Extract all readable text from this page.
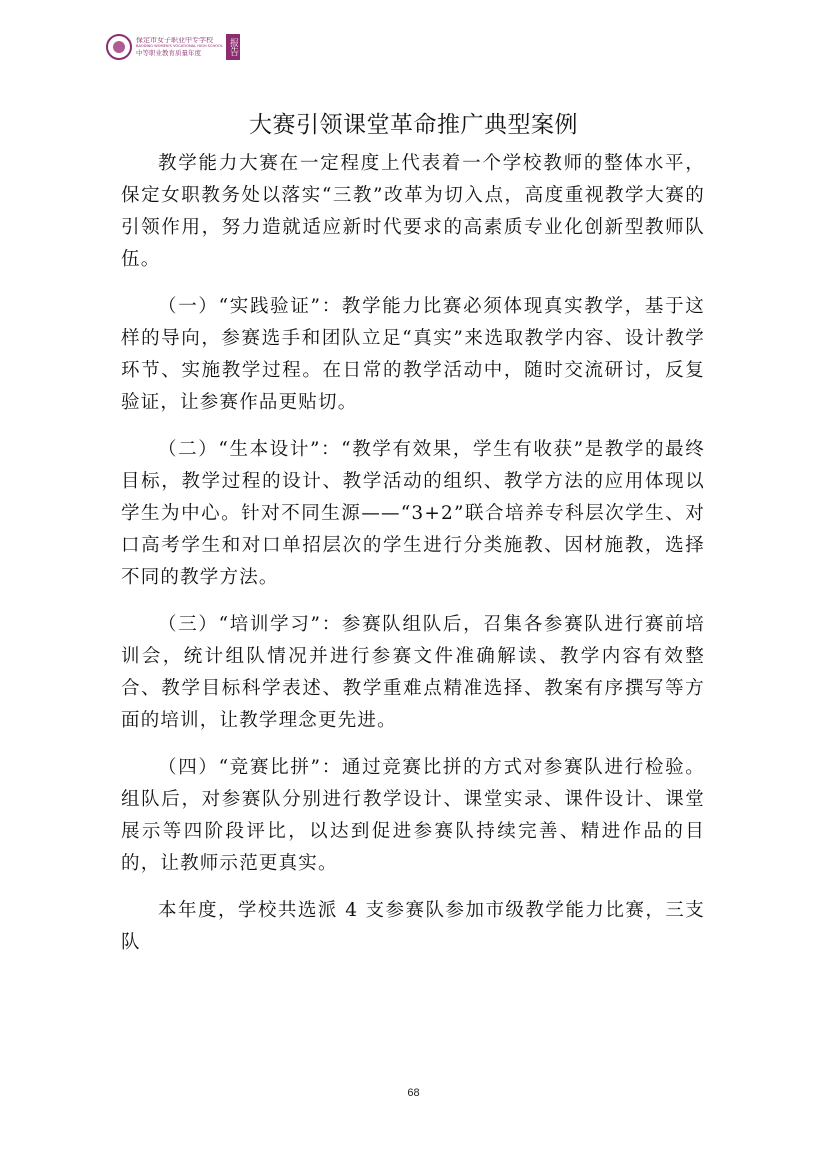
保定市女子职业中专学校
BAODING WOMEN'S VOCATIONAL HIGH SCHOOL
中等职业教育质量年度	报告
大赛引领课堂革命推广典型案例

教学能力大赛在一定程度上代表着一个学校教师的整体水平，保定女职教务处以落实“三教”改革为切入点，高度重视教学大赛的引领作用，努力造就适应新时代要求的高素质专业化创新型教师队伍。

（一）“实践验证”：教学能力比赛必须体现真实教学，基于这样的导向，参赛选手和团队立足“真实”来选取教学内容、设计教学环节、实施教学过程。在日常的教学活动中，随时交流研讨，反复验证，让参赛作品更贴切。

（二）“生本设计”：“教学有效果，学生有收获”是教学的最终目标，教学过程的设计、教学活动的组织、教学方法的应用体现以学生为中心。针对不同生源——“3+2”联合培养专科层次学生、对口高考学生和对口单招层次的学生进行分类施教、因材施教，选择不同的教学方法。

（三）“培训学习”：参赛队组队后，召集各参赛队进行赛前培训会，统计组队情况并进行参赛文件准确解读、教学内容有效整合、教学目标科学表述、教学重难点精准选择、教案有序撰写等方面的培训，让教学理念更先进。

（四）“竞赛比拼”：通过竞赛比拼的方式对参赛队进行检验。组队后，对参赛队分别进行教学设计、课堂实录、课件设计、课堂展示等四阶段评比，以达到促进参赛队持续完善、精进作品的目的，让教师示范更真实。

本年度，学校共选派 4 支参赛队参加市级教学能力比赛，三支队

68
